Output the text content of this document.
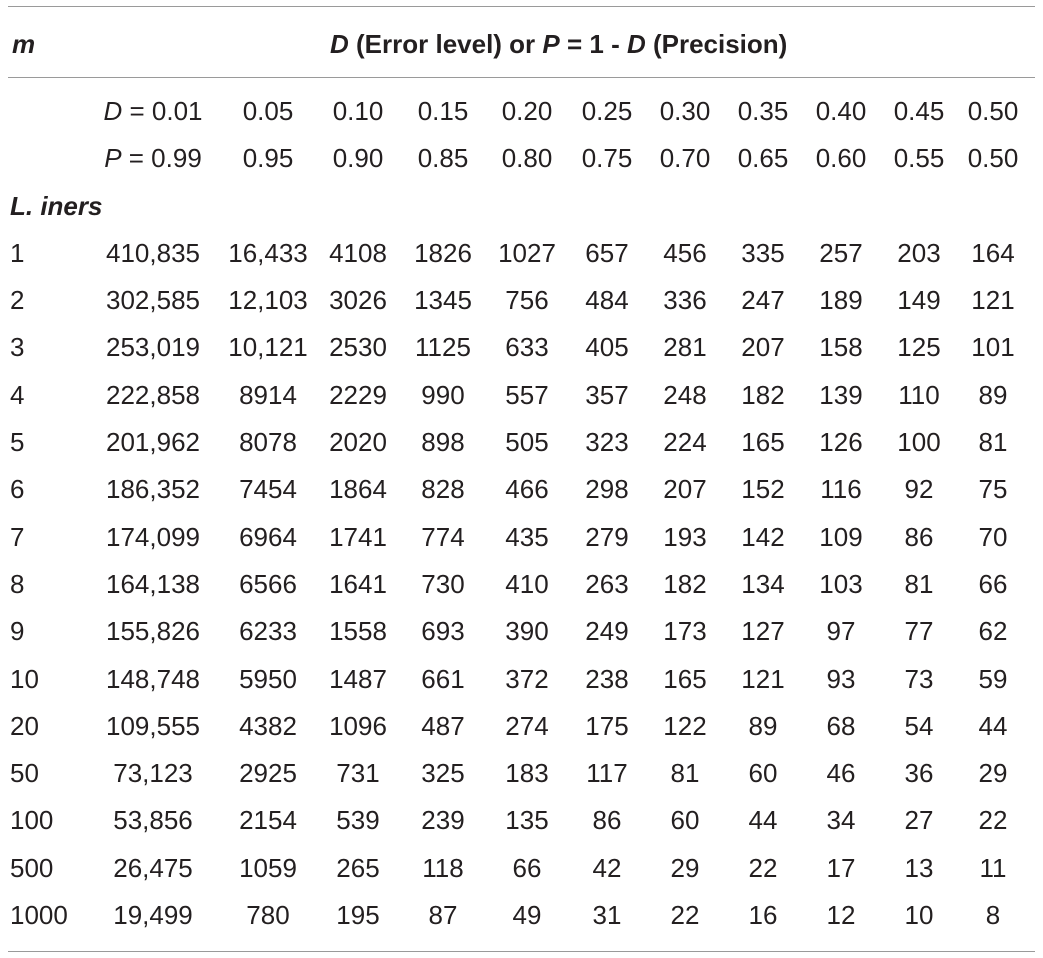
m	D (Error level) or P = 1 - D (Precision)
	D = 0.01	0.05	0.10	0.15	0.20	0.25	0.30	0.35	0.40	0.45	0.50
	P = 0.99	0.95	0.90	0.85	0.80	0.75	0.70	0.65	0.60	0.55	0.50
L. iners											
1	410,835	16,433	4108	1826	1027	657	456	335	257	203	164
2	302,585	12,103	3026	1345	756	484	336	247	189	149	121
3	253,019	10,121	2530	1125	633	405	281	207	158	125	101
4	222,858	8914	2229	990	557	357	248	182	139	110	89
5	201,962	8078	2020	898	505	323	224	165	126	100	81
6	186,352	7454	1864	828	466	298	207	152	116	92	75
7	174,099	6964	1741	774	435	279	193	142	109	86	70
8	164,138	6566	1641	730	410	263	182	134	103	81	66
9	155,826	6233	1558	693	390	249	173	127	97	77	62
10	148,748	5950	1487	661	372	238	165	121	93	73	59
20	109,555	4382	1096	487	274	175	122	89	68	54	44
50	73,123	2925	731	325	183	117	81	60	46	36	29
100	53,856	2154	539	239	135	86	60	44	34	27	22
500	26,475	1059	265	118	66	42	29	22	17	13	11
1000	19,499	780	195	87	49	31	22	16	12	10	8
